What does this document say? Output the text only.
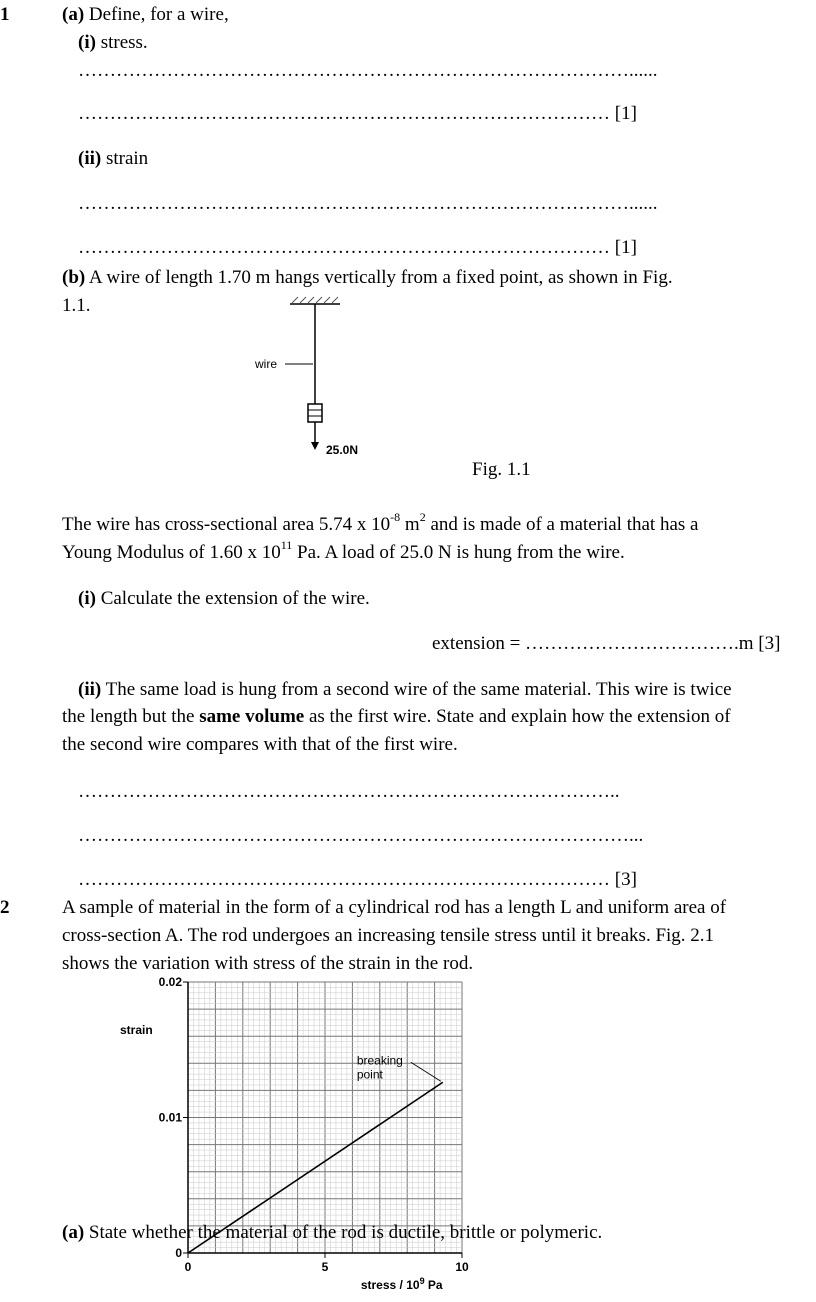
1	(a) Define, for a wire,
(i) stress.
……………………………………………………………………………......
………………………………………………………………………… [1]
(ii) strain
……………………………………………………………………………......
………………………………………………………………………… [1]
(b) A wire of length 1.70 m hangs vertically from a fixed point, as shown in Fig.
1.1.
wire
25.0N
Fig. 1.1
The wire has cross-sectional area 5.74 x $10^{-8}$ $m^2$ and is made of a material that has a
Young Modulus of 1.60 x $10^{11}$ Pa. A load of 25.0 N is hung from the wire.
(i) Calculate the extension of the wire.
extension = …………………………….m [3]
(ii) The same load is hung from a second wire of the same material. This wire is twice
the length but the same volume as the first wire. State and explain how the extension of
the second wire compares with that of the first wire.
…………………………………………………………………………..
……………………………………………………………………………...
………………………………………………………………………… [3]
2	A sample of material in the form of a cylindrical rod has a length L and uniform area of
cross-section A. The rod undergoes an increasing tensile stress until it breaks. Fig. 2.1
shows the variation with stress of the strain in the rod.
0	5	10
0
0.01
0.02
strain
stress / $10^9$ Pa
breaking
point
(a) State whether the material of the rod is ductile, brittle or polymeric.
